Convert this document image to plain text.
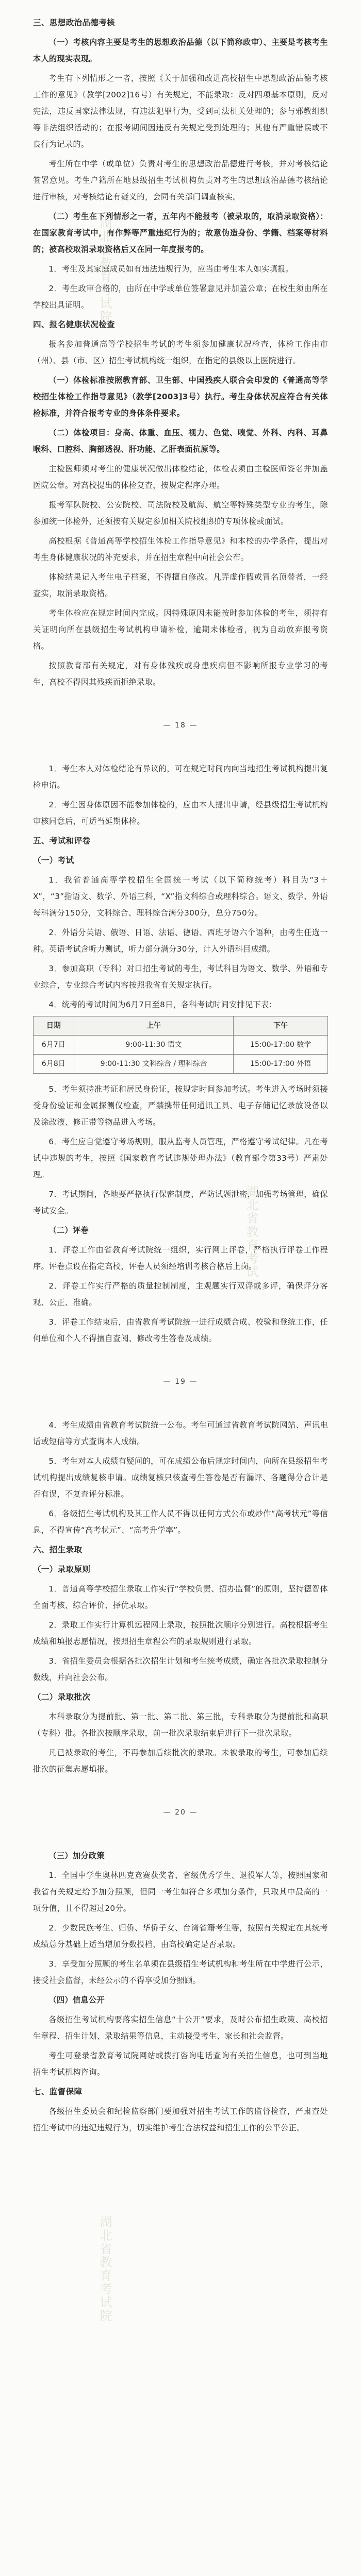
湖北省教育考试院
湖北省教育考试院
湖北省教育考试院
三、思想政治品德考核

（一）考核内容主要是考生的思想政治品德（以下简称政审）、主要是考核考生本人的现实表现。

考生有下列情形之一者，按照《关于加强和改进高校招生中思想政治品德考核工作的意见》（教学[2002]16号）有关规定，不能录取：反对四项基本原则，反对宪法，违反国家法律法规，有违法犯罪行为，受到司法机关处理的；参与邪教组织等非法组织活动的；在报考期间因违反有关规定受到处理的；其他有严重错误或不良行为记录的。

考生所在中学（或单位）负责对考生的思想政治品德进行考核，并对考核结论签署意见。考生户籍所在地县级招生考试机构负责对考生的思想政治品德考核结论进行审核，对考核结论有疑义的，会同有关部门调查核实。

（二）考生在下列情形之一者，五年内不能报考（被录取的，取消录取资格）：在国家教育考试中，有作弊等严重违纪行为的；故意伪造身份、学籍、档案等材料的；被高校取消录取资格后又在同一年度报考的。

1．考生及其家庭成员如有违法违规行为，应当由考生本人如实填报。

2．考生政审合格的，由所在中学或单位签署意见并加盖公章；在校生须由所在学校出具证明。

四、报名健康状况检查

报名参加普通高等学校招生考试的考生须参加健康状况检查，体检工作由市（州）、县（市、区）招生考试机构统一组织，在指定的县级以上医院进行。

（一）体检标准按照教育部、卫生部、中国残疾人联合会印发的《普通高等学校招生体检工作指导意见》（教学[2003]3号）执行。考生身体状况应符合有关体检标准，并符合报考专业的身体条件要求。

（二）体检项目：身高、体重、血压、视力、色觉、嗅觉、外科、内科、耳鼻喉科、口腔科、胸部透视、肝功能、乙肝表面抗原等。

主检医师须对考生的健康状况做出体检结论，体检表须由主检医师签名并加盖医院公章。对高校提出的体检复查，按规定程序办理。

报考军队院校、公安院校、司法院校及航海、航空等特殊类型专业的考生，除参加统一体检外，还须按有关规定参加相关院校组织的专项体检或面试。

高校根据《普通高等学校招生体检工作指导意见》和本校的办学条件，提出对考生身体健康状况的补充要求，并在招生章程中向社会公布。

体检结果记入考生电子档案，不得擅自修改。凡弄虚作假或冒名顶替者，一经查实，取消录取资格。

考生体检应在规定时间内完成。因特殊原因未能按时参加体检的考生，须持有关证明向所在县级招生考试机构申请补检，逾期未体检者，视为自动放弃报考资格。

按照教育部有关规定，对有身体残疾或身患疾病但不影响所报专业学习的考生，高校不得因其残疾而拒绝录取。

— 18 —

1．考生本人对体检结论有异议的，可在规定时间内向当地招生考试机构提出复检申请。

2．考生因身体原因不能参加体检的，应由本人提出申请，经县级招生考试机构审核同意后，可适当延期体检。

五、考试和评卷
（一）考试

1．我省普通高等学校招生全国统一考试（以下简称统考）科目为“3＋X”，“3”指语文、数学、外语三科，“X”指文科综合或理科综合。语文、数学、外语每科满分150分，文科综合、理科综合满分300分，总分750分。

2．外语分英语、俄语、日语、法语、德语、西班牙语六个语种，由考生任选一种。英语考试含听力测试，听力部分满分30分，计入外语科目成绩。

3．参加高职（专科）对口招生考试的考生，考试科目为语文、数学、外语和专业综合，专业综合考试内容按照我省有关规定执行。

4．统考的考试时间为6月7日至8日，各科考试时间安排见下表：

日期	上午	下午
6月7日	9:00-11:30 语文	15:00-17:00 数学
6月8日	9:00-11:30 文科综合 / 理科综合	15:00-17:00 外语

5．考生须持准考证和居民身份证，按规定时间参加考试。考生进入考场时须接受身份验证和金属探测仪检查，严禁携带任何通讯工具、电子存储记忆录放设备以及涂改液、修正带等物品进入考场。

6．考生应自觉遵守考场规则，服从监考人员管理，严格遵守考试纪律。凡在考试中违规的考生，按照《国家教育考试违规处理办法》（教育部令第33号）严肃处理。

7．考试期间，各地要严格执行保密制度，严防试题泄密，加强考场管理，确保考试安全。

（二）评卷

1．评卷工作由省教育考试院统一组织，实行网上评卷，严格执行评卷工作程序。评卷点设在指定高校，评卷人员须经培训考核合格后上岗。

2．评卷工作实行严格的质量控制制度，主观题实行双评或多评，确保评分客观、公正、准确。

3．评卷工作结束后，由省教育考试院统一进行成绩合成、校验和登统工作，任何单位和个人不得擅自查阅、修改考生答卷及成绩。

— 19 —

4．考生成绩由省教育考试院统一公布。考生可通过省教育考试院网站、声讯电话或短信等方式查询本人成绩。

5．考生对本人成绩有疑问的，可在成绩公布后规定时间内，向所在县级招生考试机构提出成绩复核申请。成绩复核只核查考生答卷是否有漏评、各题得分合计是否有误，不复查评分标准。

6．各级招生考试机构及其工作人员不得以任何方式公布或炒作“高考状元”等信息，不得宣传“高考状元”、“高考升学率”。

六、招生录取
（一）录取原则

1．普通高等学校招生录取工作实行“学校负责、招办监督”的原则，坚持德智体全面考核、综合评价、择优录取。

2．录取工作实行计算机远程网上录取，按照批次顺序分别进行。高校根据考生成绩和填报志愿情况，按照招生章程公布的录取规则进行录取。

3．省招生委员会根据各批次招生计划和考生统考成绩，确定各批次录取控制分数线，并向社会公布。

（二）录取批次

本科录取分为提前批、第一批、第二批、第三批，专科录取分为提前批和高职（专科）批。各批次按顺序录取，前一批次录取结束后进行下一批次录取。

凡已被录取的考生，不再参加后续批次的录取。未被录取的考生，可参加后续批次的征集志愿填报。

— 20 —

（三）加分政策

1．全国中学生奥林匹克竞赛获奖者、省级优秀学生、退役军人等，按照国家和我省有关规定给予加分照顾，但同一考生如符合多项加分条件，只取其中最高的一项分值，且不得超过20分。

2．少数民族考生、归侨、华侨子女、台湾省籍考生等，按照有关规定在其统考成绩总分基础上适当增加分数投档，由高校确定是否录取。

3．享受加分照顾的考生名单须在县级招生考试机构和考生所在中学进行公示，接受社会监督，未经公示的不得享受加分照顾。

（四）信息公开

各级招生考试机构要落实招生信息“十公开”要求，及时公布招生政策、高校招生章程、招生计划、录取结果等信息，主动接受考生、家长和社会监督。

考生可登录省教育考试院网站或拨打咨询电话查询有关招生信息，也可到当地招生考试机构咨询。

七、监督保障

各级招生委员会和纪检监察部门要加强对招生考试工作的监督检查，严肃查处招生考试中的违纪违规行为，切实维护考生合法权益和招生工作的公平公正。
